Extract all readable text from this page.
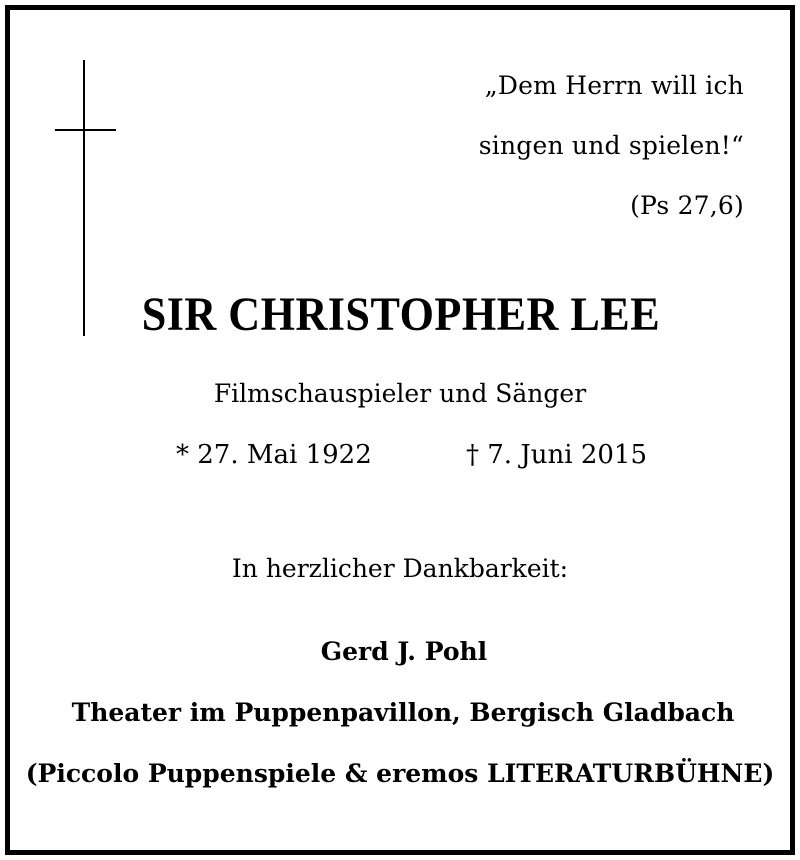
„Dem Herrn will ich
singen und spielen!“
(Ps 27,6)
SIR CHRISTOPHER LEE
Filmschauspieler und Sänger
* 27. Mai 1922	† 7. Juni 2015
In herzlicher Dankbarkeit:
Gerd J. Pohl
Theater im Puppenpavillon, Bergisch Gladbach
(Piccolo Puppenspiele & eremos LITERATURBÜHNE)
